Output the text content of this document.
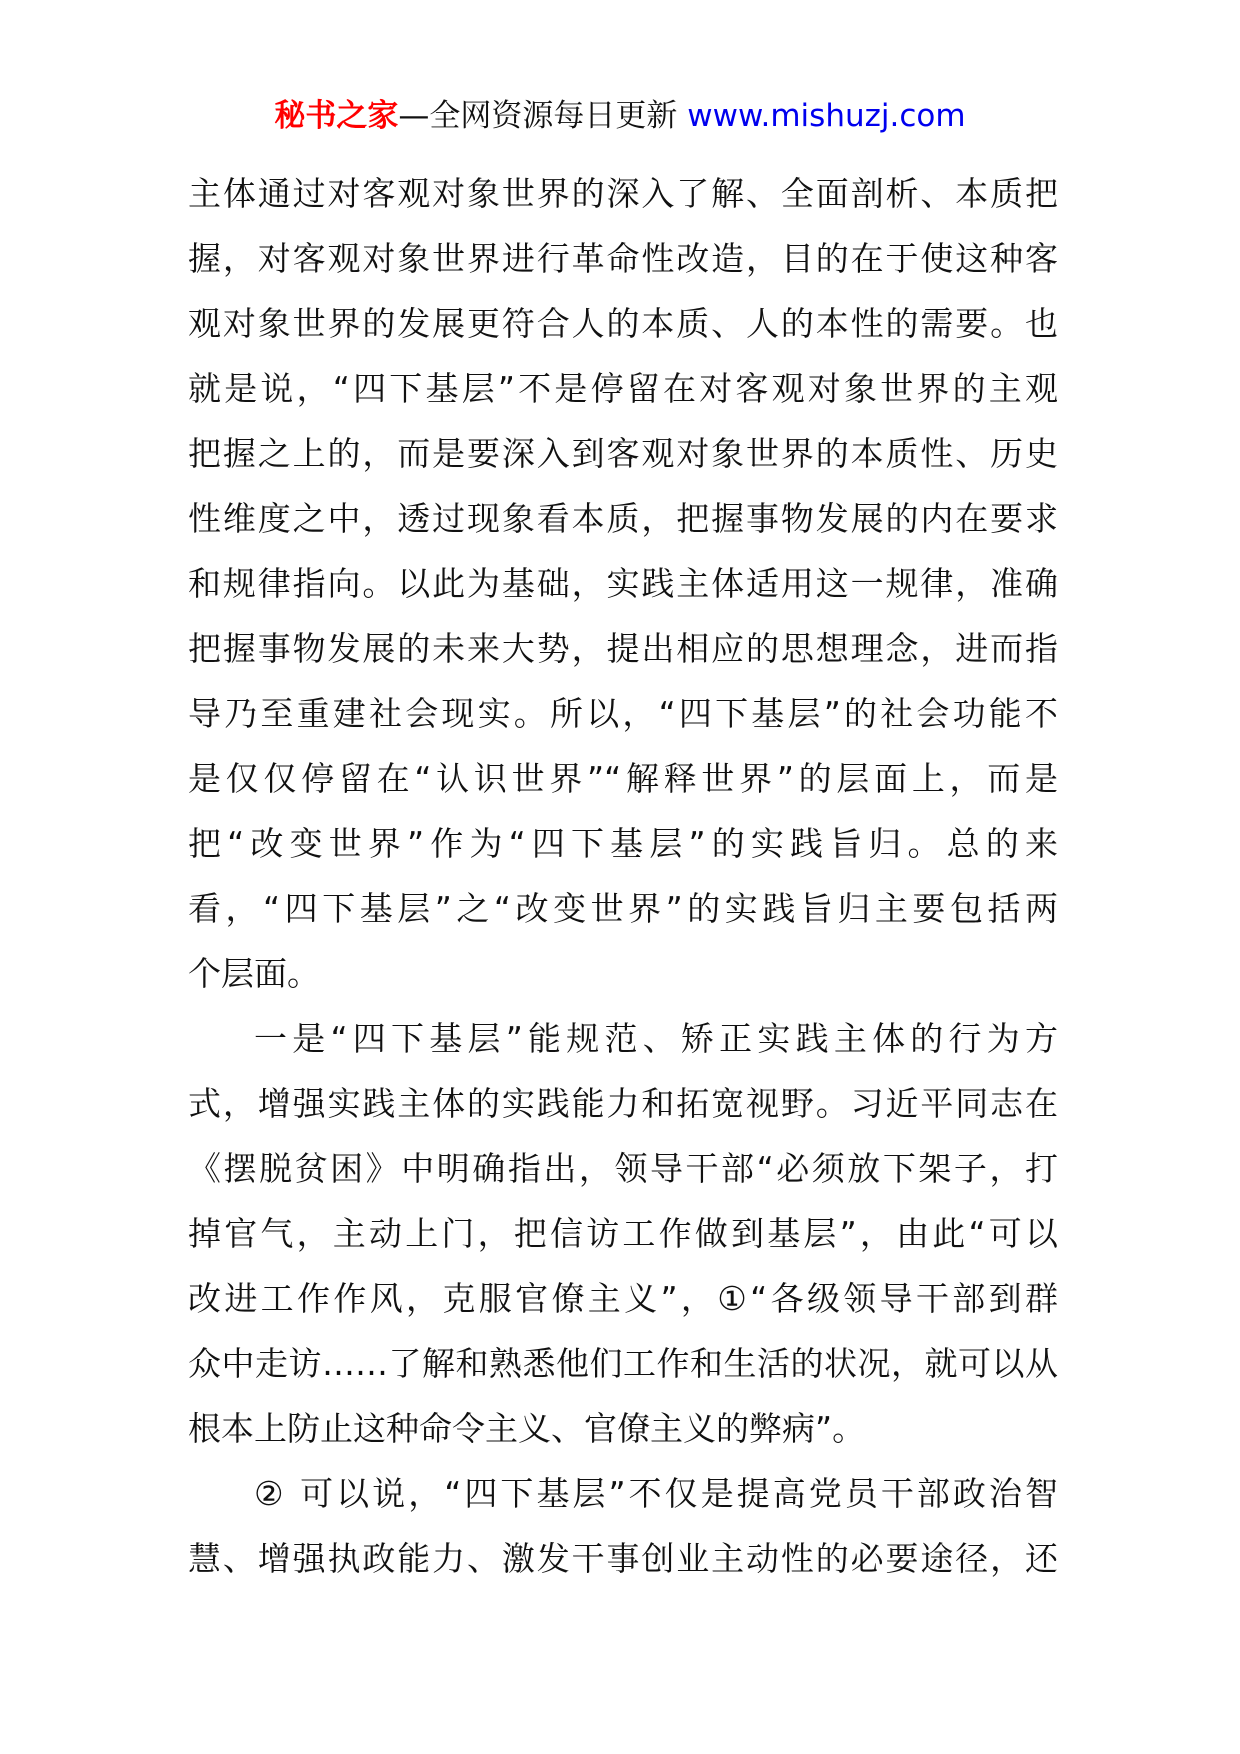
秘书之家—全网资源每日更新 www.mishuzj.com
主体通过对客观对象世界的深入了解、全面剖析、本质把
握，对客观对象世界进行革命性改造，目的在于使这种客
观对象世界的发展更符合人的本质、人的本性的需要。也
就是说，“四下基层”不是停留在对客观对象世界的主观
把握之上的，而是要深入到客观对象世界的本质性、历史
性维度之中，透过现象看本质，把握事物发展的内在要求
和规律指向。以此为基础，实践主体适用这一规律，准确
把握事物发展的未来大势，提出相应的思想理念，进而指
导乃至重建社会现实。所以，“四下基层”的社会功能不
是仅仅停留在“认识世界”“解释世界”的层面上，而是
把“改变世界”作为“四下基层”的实践旨归。总的来
看，“四下基层”之“改变世界”的实践旨归主要包括两
个层面。
一是“四下基层”能规范、矫正实践主体的行为方
式，增强实践主体的实践能力和拓宽视野。习近平同志在
《摆脱贫困》中明确指出，领导干部“必须放下架子，打
掉官气，主动上门，把信访工作做到基层”，由此“可以
改进工作作风，克服官僚主义”，①“各级领导干部到群
众中走访……了解和熟悉他们工作和生活的状况，就可以从
根本上防止这种命令主义、官僚主义的弊病”。
② 可以说，“四下基层”不仅是提高党员干部政治智
慧、增强执政能力、激发干事创业主动性的必要途径，还
